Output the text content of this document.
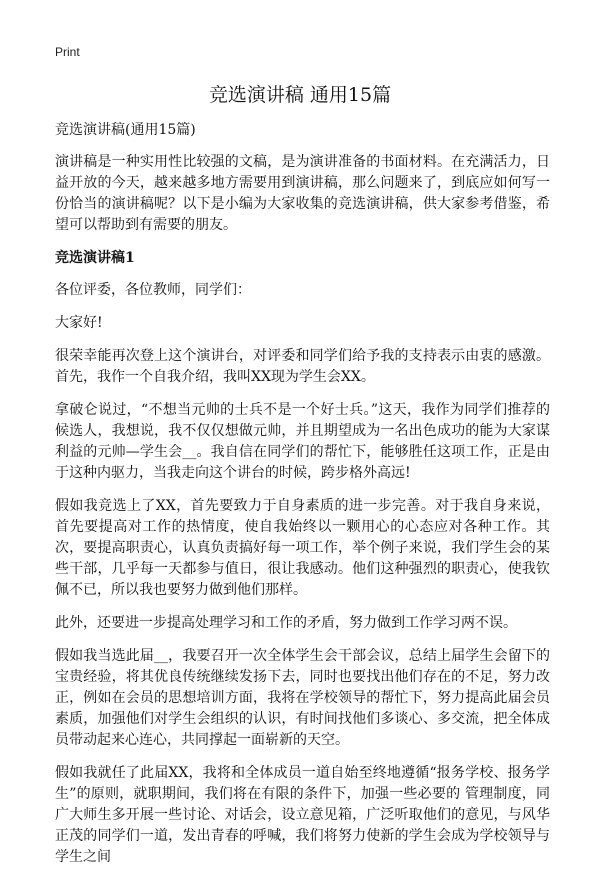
Print
竞选演讲稿 通用15篇

竞选演讲稿(通用15篇)

演讲稿是一种实用性比较强的文稿，是为演讲准备的书面材料。在充满活力，日益开放的今天，越来越多地方需要用到演讲稿，那么问题来了，到底应如何写一份恰当的演讲稿呢？以下是小编为大家收集的竞选演讲稿，供大家参考借鉴，希望可以帮助到有需要的朋友。

竞选演讲稿1

各位评委，各位教师，同学们：

大家好!

很荣幸能再次登上这个演讲台，对评委和同学们给予我的支持表示由衷的感激。首先，我作一个自我介绍，我叫XX现为学生会XX。

拿破仑说过，“不想当元帅的士兵不是一个好士兵。”这天，我作为同学们推荐的候选人，我想说，我不仅仅想做元帅，并且期望成为一名出色成功的能为大家谋利益的元帅—学生会__。我自信在同学们的帮忙下，能够胜任这项工作，正是由于这种内驱力，当我走向这个讲台的时候，跨步格外高远!

假如我竞选上了XX，首先要致力于自身素质的进一步完善。对于我自身来说，首先要提高对工作的热情度，使自我始终以一颗用心的心态应对各种工作。其次，要提高职责心，认真负责搞好每一项工作，举个例子来说，我们学生会的某些干部，几乎每一天都参与值日，很让我感动。他们这种强烈的职责心，使我钦佩不已，所以我也要努力做到他们那样。

此外，还要进一步提高处理学习和工作的矛盾，努力做到工作学习两不误。

假如我当选此届__，我要召开一次全体学生会干部会议，总结上届学生会留下的宝贵经验，将其优良传统继续发扬下去，同时也要找出他们存在的不足，努力改正，例如在会员的思想培训方面，我将在学校领导的帮忙下，努力提高此届会员素质，加强他们对学生会组织的认识，有时间找他们多谈心、多交流，把全体成员带动起来心连心，共同撑起一面崭新的天空。

假如我就任了此届XX，我将和全体成员一道自始至终地遵循“报务学校、报务学生”的原则，就职期间，我们将在有限的条件下，加强一些必要的 管理制度，同广大师生多开展一些讨论、对话会，设立意见箱，广泛听取他们的意见，与风华正茂的同学们一道，发出青春的呼喊，我们将努力使新的学生会成为学校领导与学生之间
